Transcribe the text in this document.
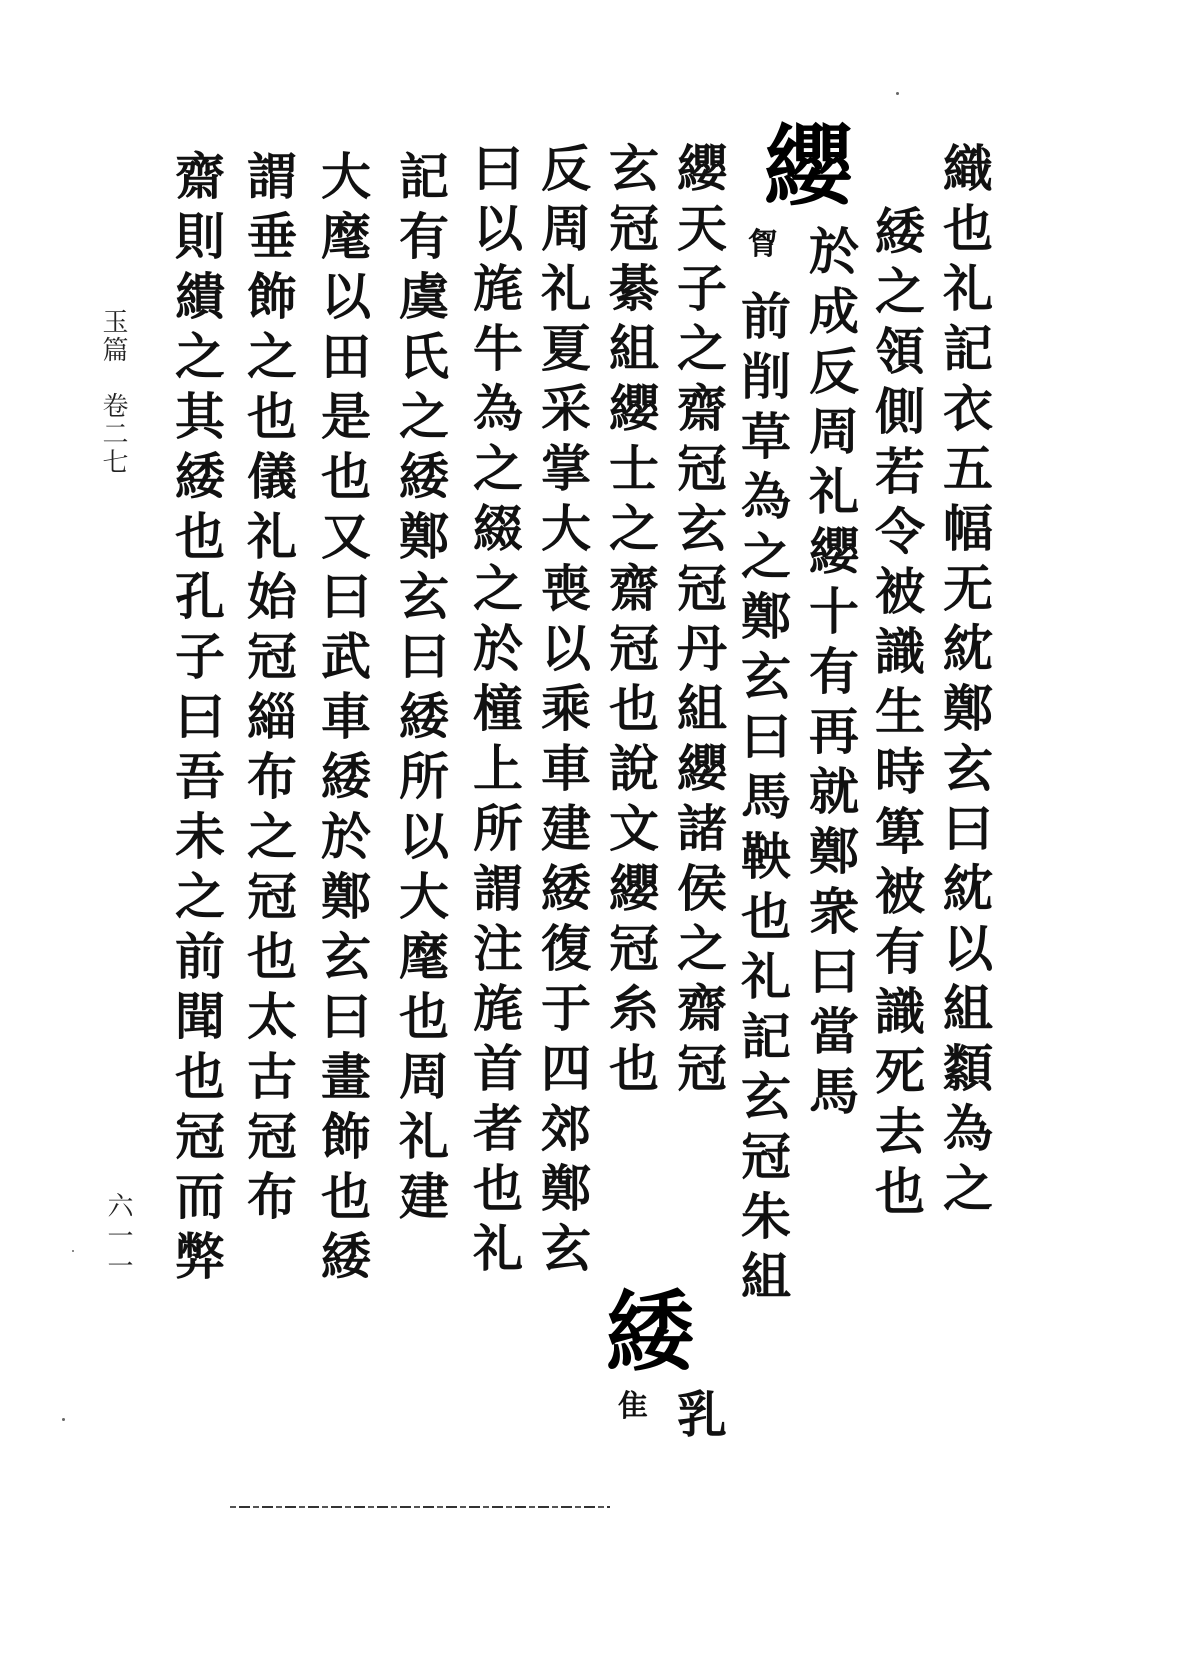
織也礼記衣五幅无紞鄭玄曰紞以組纇為之
緌之領側若令被識生時箄被有識死去也
纓
於成反周礼纓十有再就鄭衆曰當馬
胷
前削草為之鄭玄曰馬鞅也礼記玄冠朱組
纓天子之齋冠玄冠丹組纓諸侯之齋冠
乳
玄冠綦組纓士之齋冠也說文纓冠糸也
緌
隹
反周礼夏采掌大喪以乘車建緌復于四郊鄭玄
曰以旄牛為之綴之於橦上所謂注旄首者也礼
記有虞氏之緌鄭玄曰緌所以大麾也周礼建
大麾以田是也又曰武車緌於鄭玄曰畫飾也緌
謂垂飾之也儀礼始冠緇布之冠也太古冠布
齋則繢之其緌也孔子曰吾未之前聞也冠而弊
玉篇　卷二七
六一一
